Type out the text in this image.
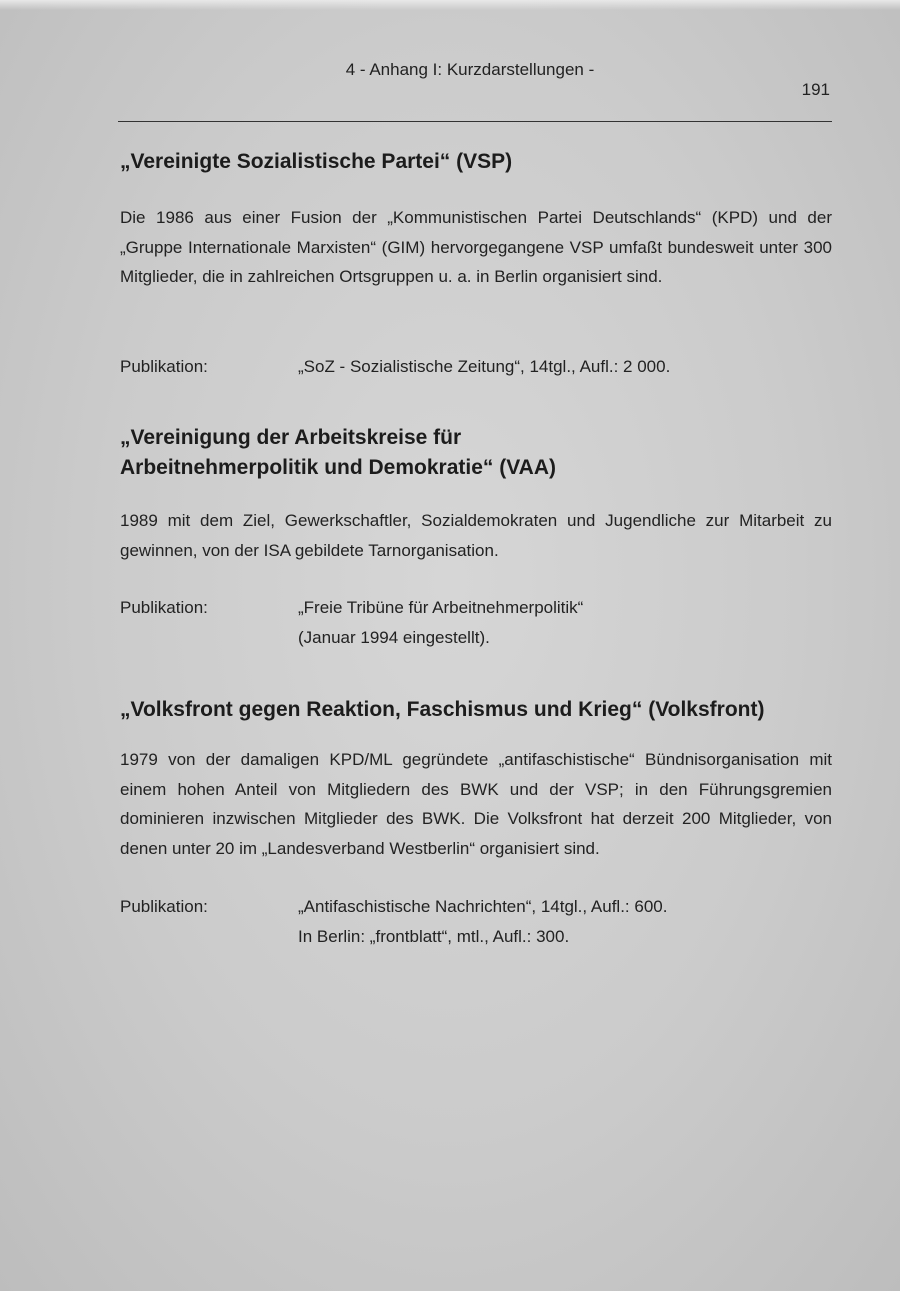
4 - Anhang I: Kurzdarstellungen -
191
„Vereinigte Sozialistische Partei“ (VSP)

Die 1986 aus einer Fusion der „Kommunistischen Partei Deutschlands“ (KPD) und der „Gruppe Internationale Marxisten“ (GIM) hervorgegangene VSP umfaßt bundesweit unter 300 Mitglieder, die in zahlreichen Ortsgruppen u. a. in Berlin organisiert sind.

Publikation:	„SoZ - Sozialistische Zeitung“, 14tgl., Aufl.: 2 000.
„Vereinigung der Arbeitskreise für
Arbeitnehmerpolitik und Demokratie“ (VAA)

1989 mit dem Ziel, Gewerkschaftler, Sozialdemokraten und Jugendliche zur Mitarbeit zu gewinnen, von der ISA gebildete Tarnorganisation.

Publikation:	„Freie Tribüne für Arbeitnehmerpolitik“
(Januar 1994 eingestellt).
„Volksfront gegen Reaktion, Faschismus und Krieg“ (Volksfront)

1979 von der damaligen KPD/ML gegründete „antifaschistische“ Bündnisorganisation mit einem hohen Anteil von Mitgliedern des BWK und der VSP; in den Führungsgremien dominieren inzwischen Mitglieder des BWK. Die Volksfront hat derzeit 200 Mitglieder, von denen unter 20 im „Landesverband Westberlin“ organisiert sind.

Publikation:	„Antifaschistische Nachrichten“, 14tgl., Aufl.: 600.
In Berlin: „frontblatt“, mtl., Aufl.: 300.
